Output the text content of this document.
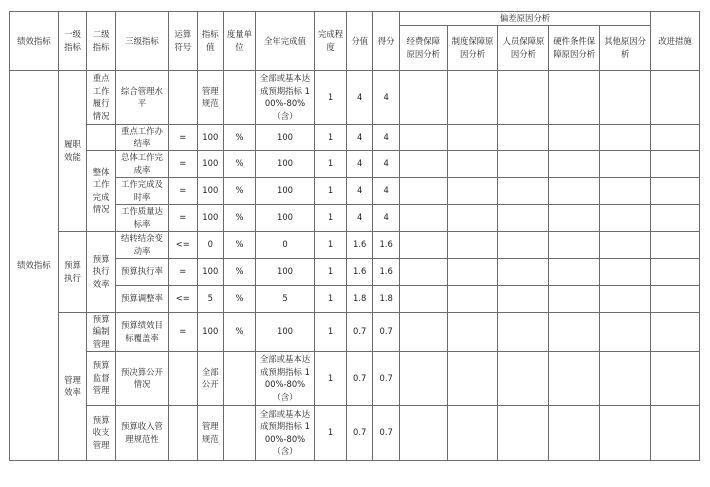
绩效指标	一级指标	二级指标	三级指标	运算符号	指标值	度量单位	全年完成值	完成程度	分值	得分	偏差原因分析					改进措施
											经费保障原因分析	制度保障原因分析	人员保障原因分析	硬件条件保障原因分析	其他原因分析	
绩效指标	履职效能	重点工作履行情况	综合管理水平		管理规范		全部或基本达成预期指标 100%-80%（含）	1	4	4						
			重点工作办结率	=	100	%	100	1	4	4						
		整体工作完成情况	总体工作完成率	=	100	%	100	1	4	4						
			工作完成及时率	=	100	%	100	1	4	4						
			工作质量达标率	=	100	%	100	1	4	4						
	预算执行	预算执行效率	结转结余变动率	<=	0	%	0	1	1.6	1.6						
			预算执行率	=	100	%	100	1	1.6	1.6						
			预算调整率	<=	5	%	5	1	1.8	1.8						
	管理效率	预算编制管理	预算绩效目标覆盖率	=	100	%	100	1	0.7	0.7						
		预算监督管理	预决算公开情况		全部公开		全部或基本达成预期指标 100%-80%（含）	1	0.7	0.7						
		预算收支管理	预算收入管理规范性		管理规范		全部或基本达成预期指标 100%-80%（含）	1	0.7	0.7						
